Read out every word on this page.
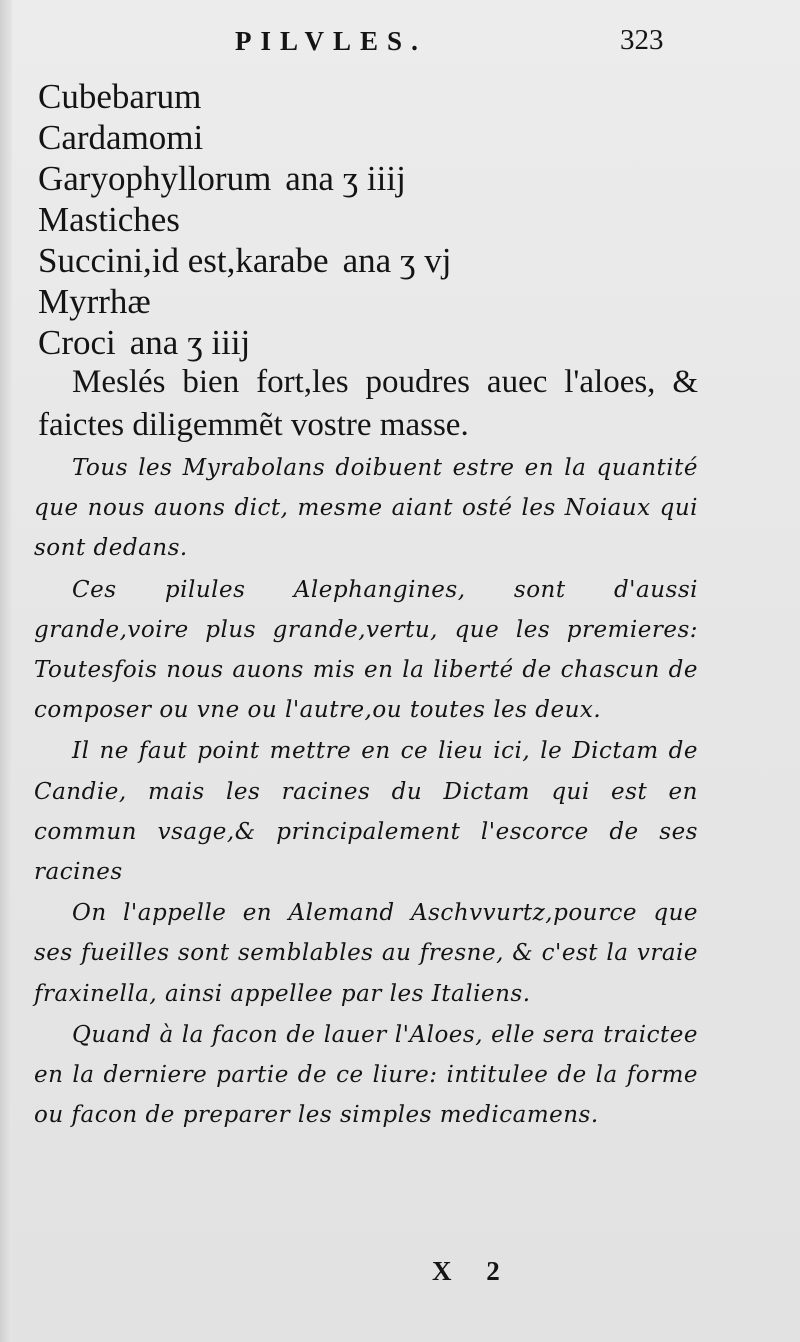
PILVLES.	323
Cubebarum
Cardamomi
Garyophyllorum ana ʒ iiij
Mastiches
Succini,id est,karabe ana ʒ vj
Myrrhæ
Croci ana ʒ iiij

Meslés bien fort,les poudres auec l'aloes, & faictes diligemmẽt vostre masse.

Tous les Myrabolans doibuent estre en la quantité que nous auons dict, mesme aiant osté les Noiaux qui sont dedans.

Ces pilules Alephangines, sont d'aussi grande,voire plus grande,vertu, que les premieres: Toutesfois nous auons mis en la liberté de chascun de composer ou vne ou l'autre,ou toutes les deux.

Il ne faut point mettre en ce lieu ici, le Dictam de Candie, mais les racines du Dictam qui est en commun vsage,& principalement l'escorce de ses racines

On l'appelle en Alemand Aschvvurtz,pource que ses fueilles sont semblables au fresne, & c'est la vraie fraxinella, ainsi appellee par les Italiens.

Quand à la facon de lauer l'Aloes, elle sera traictee en la derniere partie de ce liure: intitulee de la forme ou facon de preparer les simples medicamens.

X 2
